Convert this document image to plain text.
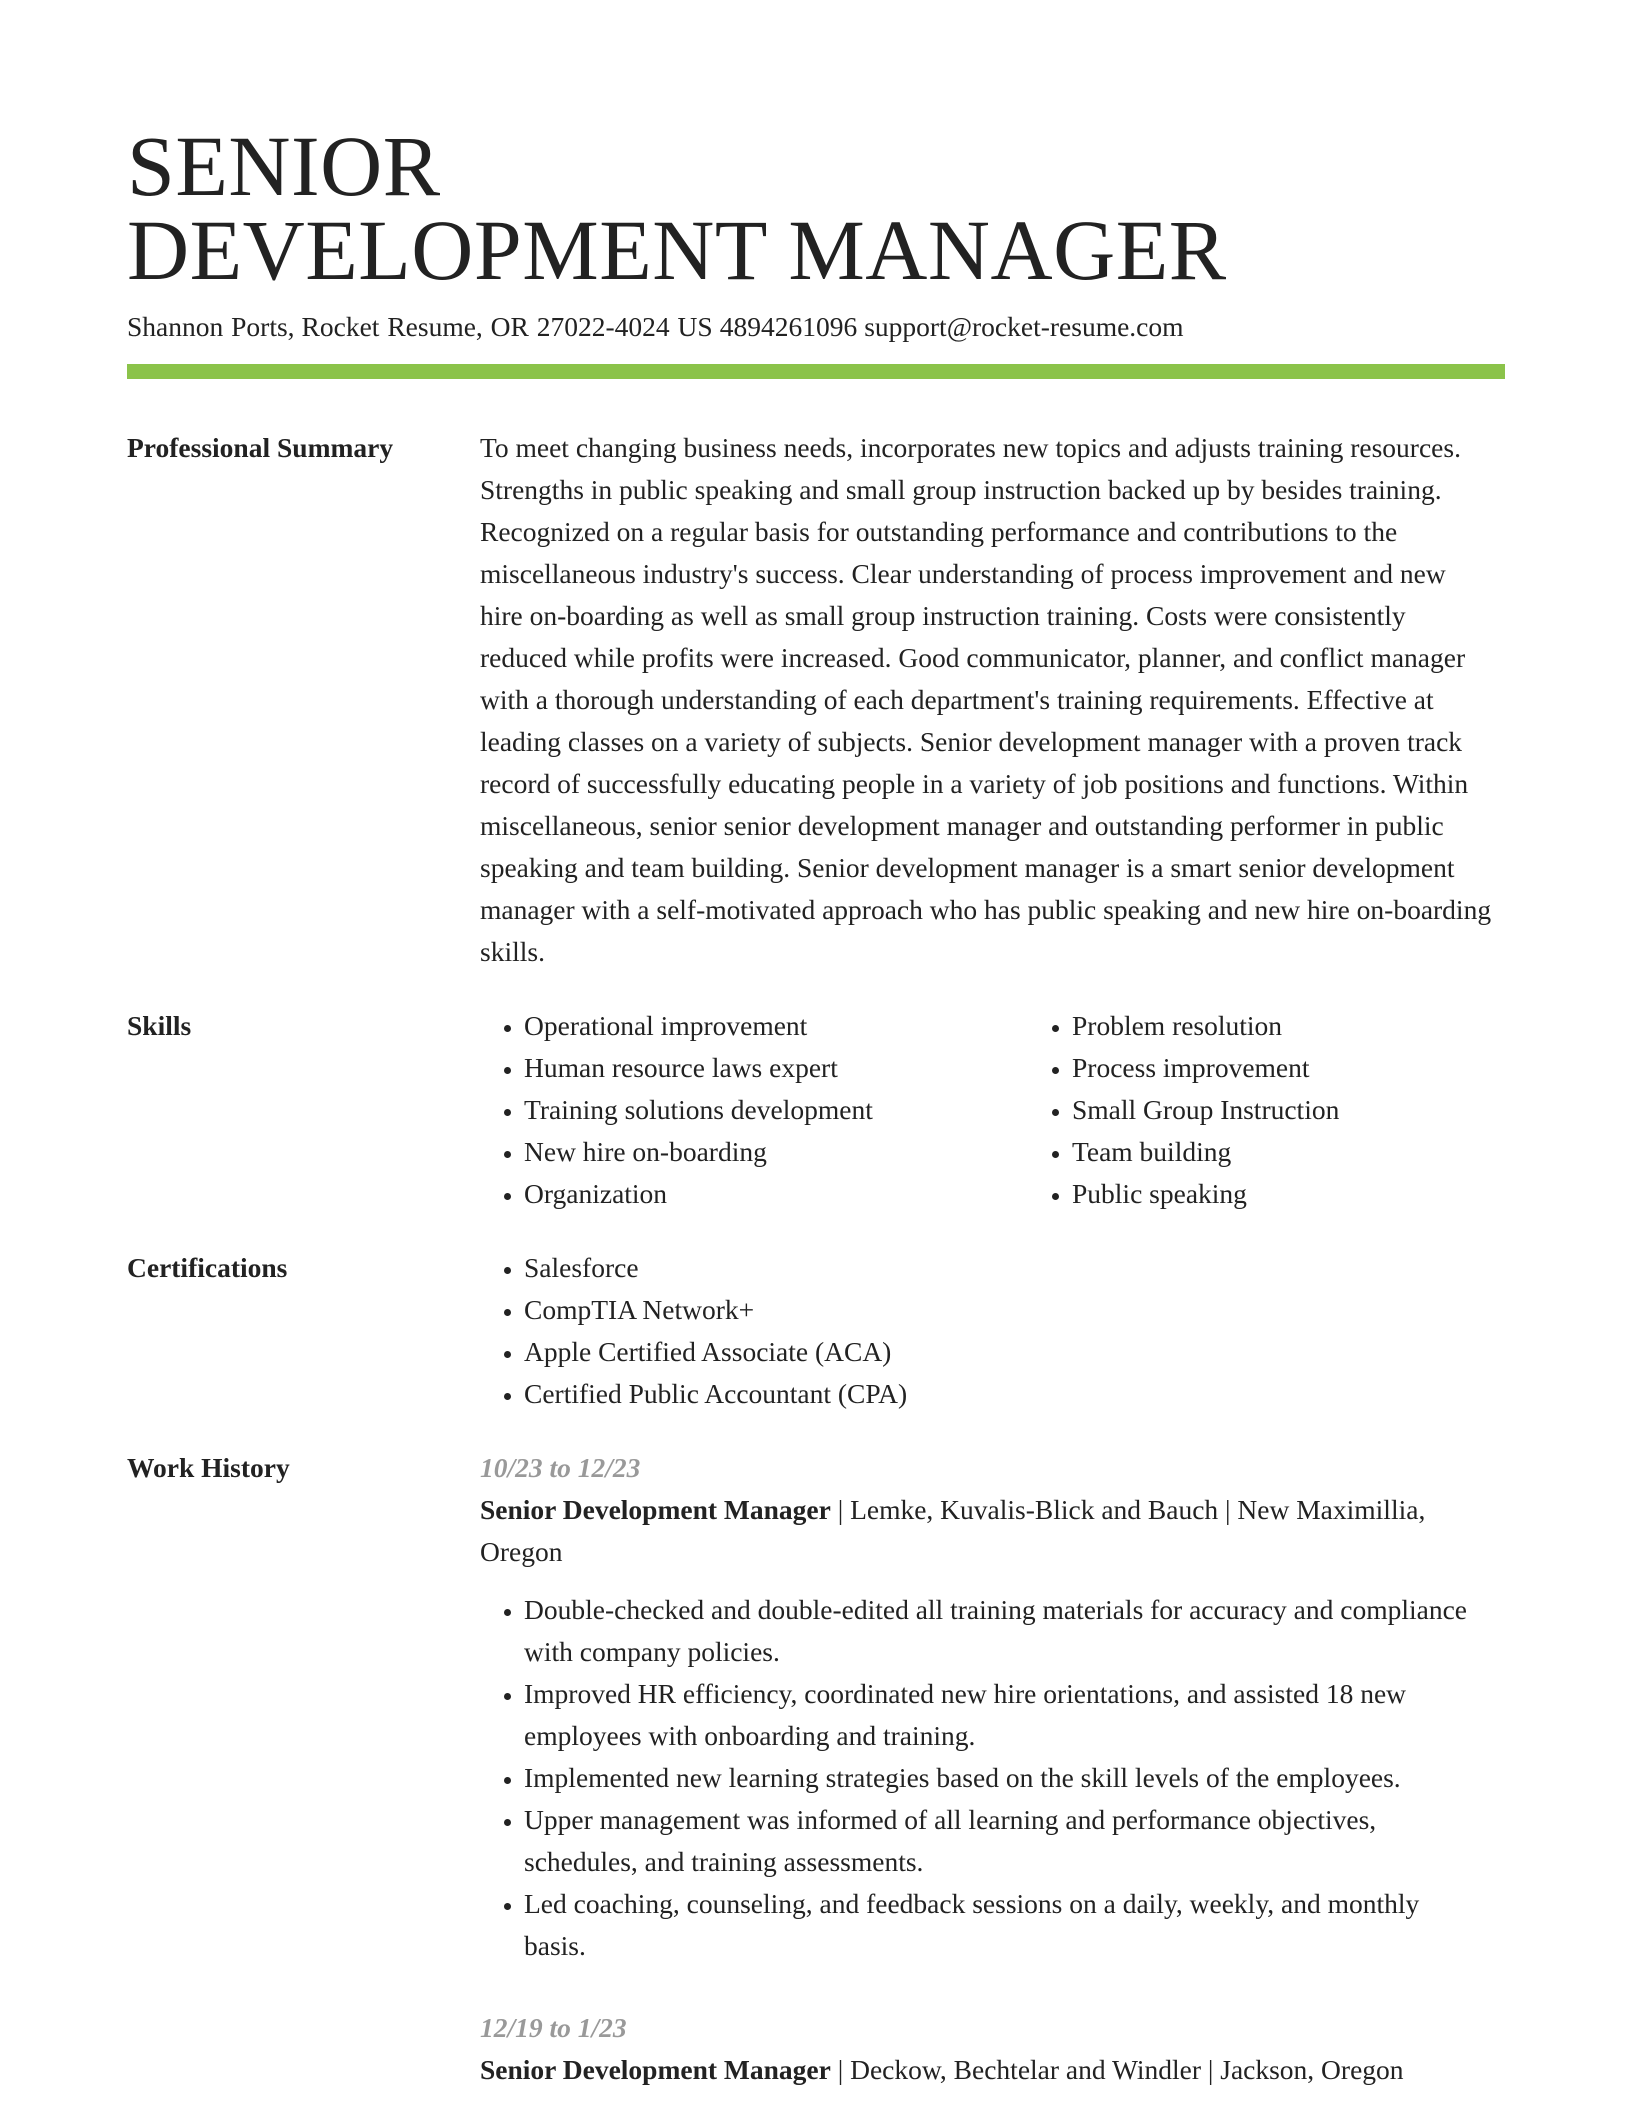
SENIOR
DEVELOPMENT MANAGER
Shannon Ports, Rocket Resume, OR 27022-4024 US 4894261096 support@rocket-resume.com
Professional Summary	To meet changing business needs, incorporates new topics and adjusts training resources. Strengths in public speaking and small group instruction backed up by besides training. Recognized on a regular basis for outstanding performance and contributions to the miscellaneous industry's success. Clear understanding of process improvement and new hire on-boarding as well as small group instruction training. Costs were consistently reduced while profits were increased. Good communicator, planner, and conflict manager with a thorough understanding of each department's training requirements. Effective at leading classes on a variety of subjects. Senior development manager with a proven track record of successfully educating people in a variety of job positions and functions. Within miscellaneous, senior senior development manager and outstanding performer in public speaking and team building. Senior development manager is a smart senior development manager with a self-motivated approach who has public speaking and new hire on-boarding skills.

Skills	• Operational improvement
• Human resource laws expert
• Training solutions development
• New hire on-boarding
• Organization
• Problem resolution
• Process improvement
• Small Group Instruction
• Team building
• Public speaking
Certifications	• Salesforce
• CompTIA Network+
• Apple Certified Associate (ACA)
• Certified Public Accountant (CPA)
Work History	10/23 to 12/23
Senior Development Manager | Lemke, Kuvalis-Blick and Bauch | New Maximillia, Oregon
• Double-checked and double-edited all training materials for accuracy and compliance with company policies.
• Improved HR efficiency, coordinated new hire orientations, and assisted 18 new employees with onboarding and training.
• Implemented new learning strategies based on the skill levels of the employees.
• Upper management was informed of all learning and performance objectives, schedules, and training assessments.
• Led coaching, counseling, and feedback sessions on a daily, weekly, and monthly basis.
12/19 to 1/23
Senior Development Manager | Deckow, Bechtelar and Windler | Jackson, Oregon
